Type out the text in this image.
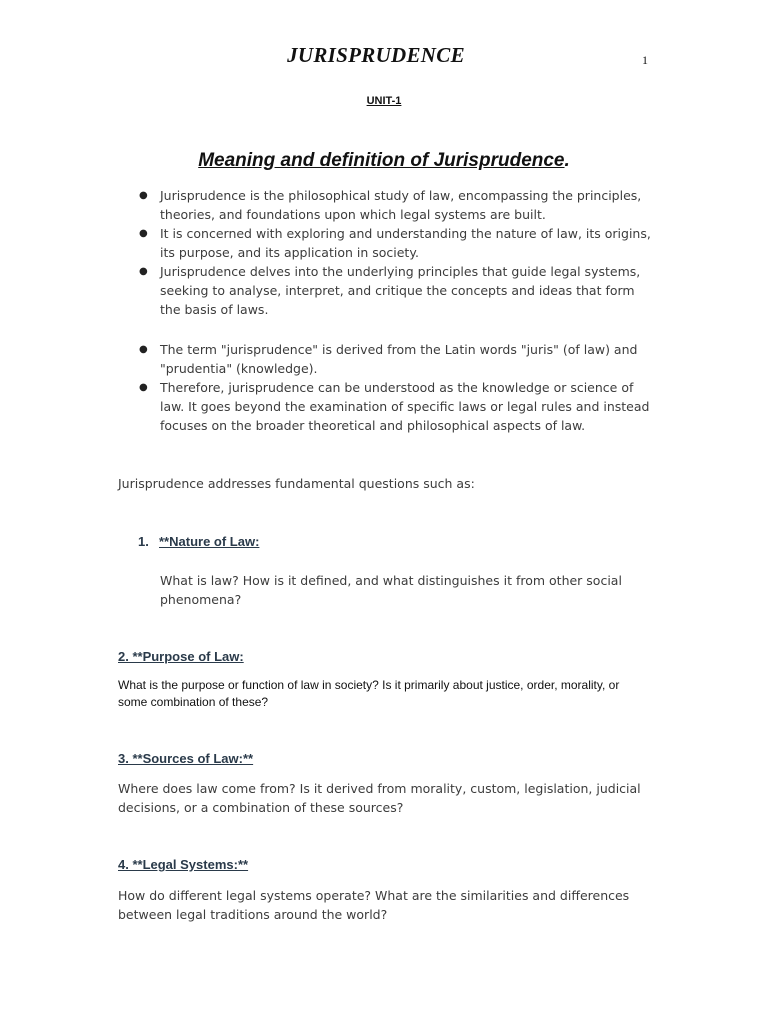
JURISPRUDENCE	1
UNIT-1
Meaning and definition of Jurisprudence.
● Jurisprudence is the philosophical study of law, encompassing the principles, theories, and foundations upon which legal systems are built.
● It is concerned with exploring and understanding the nature of law, its origins, its purpose, and its application in society.
● Jurisprudence delves into the underlying principles that guide legal systems, seeking to analyse, interpret, and critique the concepts and ideas that form the basis of laws.
● The term "jurisprudence" is derived from the Latin words "juris" (of law) and "prudentia" (knowledge).
● Therefore, jurisprudence can be understood as the knowledge or science of law. It goes beyond the examination of specific laws or legal rules and instead focuses on the broader theoretical and philosophical aspects of law.
Jurisprudence addresses fundamental questions such as:
1. **Nature of Law:
What is law? How is it defined, and what distinguishes it from other social phenomena?
2. **Purpose of Law:
What is the purpose or function of law in society? Is it primarily about justice, order, morality, or some combination of these?
3. **Sources of Law:**
Where does law come from? Is it derived from morality, custom, legislation, judicial decisions, or a combination of these sources?
4. **Legal Systems:**
How do different legal systems operate? What are the similarities and differences between legal traditions around the world?
